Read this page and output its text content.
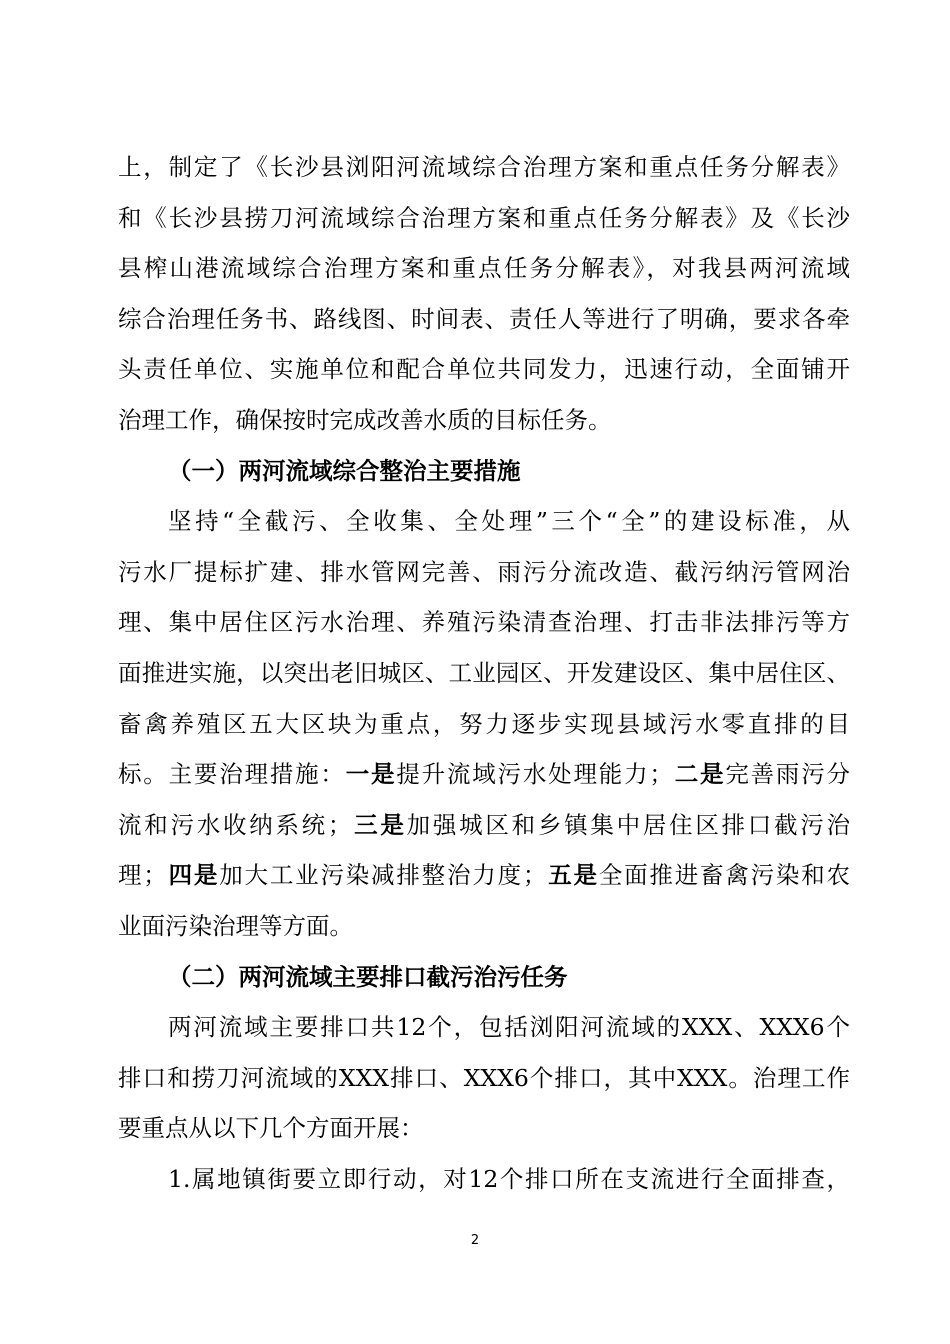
上，制定了《长沙县浏阳河流域综合治理方案和重点任务分解表》
和《长沙县捞刀河流域综合治理方案和重点任务分解表》及《长沙
县榨山港流域综合治理方案和重点任务分解表》，对我县两河流域
综合治理任务书、路线图、时间表、责任人等进行了明确，要求各牵
头责任单位、实施单位和配合单位共同发力，迅速行动，全面铺开
治理工作，确保按时完成改善水质的目标任务。
（一）两河流域综合整治主要措施
坚持“全截污、全收集、全处理”三个“全”的建设标准，从
污水厂提标扩建、排水管网完善、雨污分流改造、截污纳污管网治
理、集中居住区污水治理、养殖污染清查治理、打击非法排污等方
面推进实施，以突出老旧城区、工业园区、开发建设区、集中居住区、
畜禽养殖区五大区块为重点，努力逐步实现县域污水零直排的目
标。主要治理措施：一是提升流域污水处理能力；二是完善雨污分
流和污水收纳系统；三是加强城区和乡镇集中居住区排口截污治
理；四是加大工业污染减排整治力度；五是全面推进畜禽污染和农
业面污染治理等方面。
（二）两河流域主要排口截污治污任务
两河流域主要排口共12个，包括浏阳河流域的XXX、XXX6个
排口和捞刀河流域的XXX排口、XXX6个排口，其中XXX。治理工作
要重点从以下几个方面开展：
1.属地镇街要立即行动，对12个排口所在支流进行全面排查，
2
